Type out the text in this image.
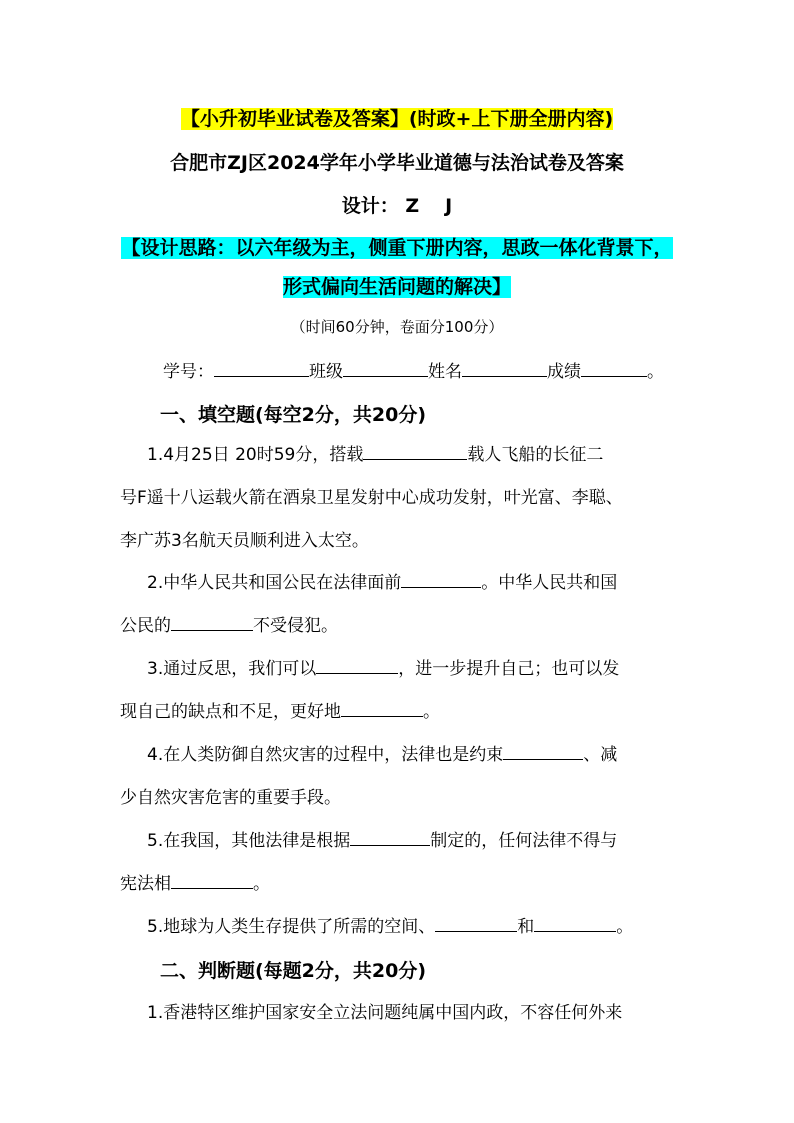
【小升初毕业试卷及答案】(时政+上下册全册内容)
合肥市ZJ区2024学年小学毕业道德与法治试卷及答案
设计： Z J
【设计思路：以六年级为主，侧重下册内容，思政一体化背景下，
形式偏向生活问题的解决】
（时间60分钟，卷面分100分）
学号：	班级	姓名	成绩	。
一、填空题(每空2分，共20分)
1.4月25日 20时59分，搭载	载人飞船的长征二
号F遥十八运载火箭在酒泉卫星发射中心成功发射，叶光富、李聪、
李广苏3名航天员顺利进入太空。
2.中华人民共和国公民在法律面前	。中华人民共和国
公民的	不受侵犯。
3.通过反思，我们可以	，进一步提升自己；也可以发
现自己的缺点和不足，更好地	。
4.在人类防御自然灾害的过程中，法律也是约束	、减
少自然灾害危害的重要手段。
5.在我国，其他法律是根据	制定的，任何法律不得与
宪法相	。
5.地球为人类生存提供了所需的空间、	和	。
二、判断题(每题2分，共20分)
1.香港特区维护国家安全立法问题纯属中国内政，不容任何外来
